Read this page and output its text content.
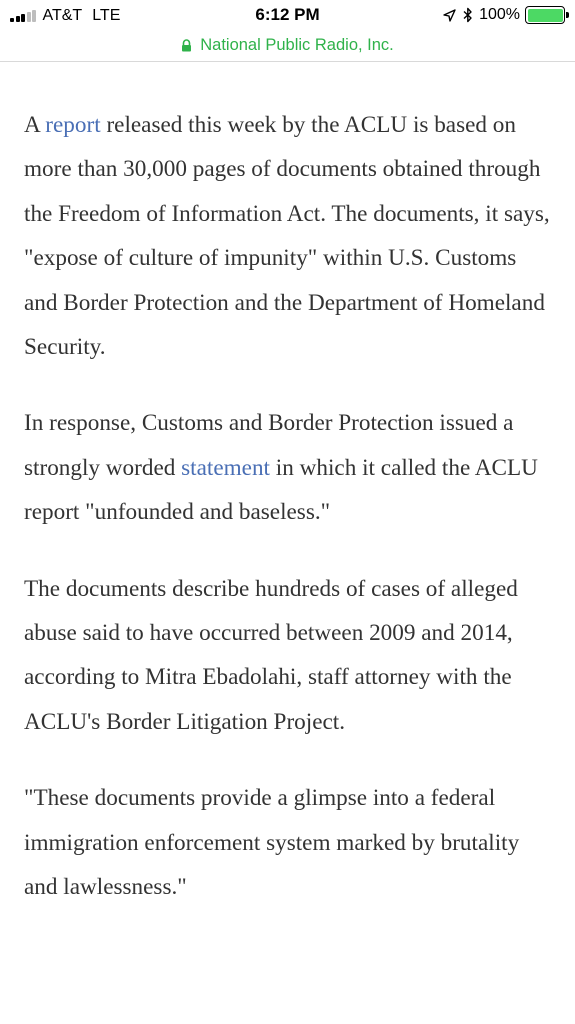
AT&T LTE	6:12 PM	100%
National Public Radio, Inc.

A report released this week by the ACLU is based on more than 30,000 pages of documents obtained through the Freedom of Information Act. The documents, it says, "expose of culture of impunity" within U.S. Customs and Border Protection and the Department of Homeland Security.

In response, Customs and Border Protection issued a strongly worded statement in which it called the ACLU report "unfounded and baseless."

The documents describe hundreds of cases of alleged abuse said to have occurred between 2009 and 2014, according to Mitra Ebadolahi, staff attorney with the ACLU's Border Litigation Project.

"These documents provide a glimpse into a federal immigration enforcement system marked by brutality and lawlessness."
